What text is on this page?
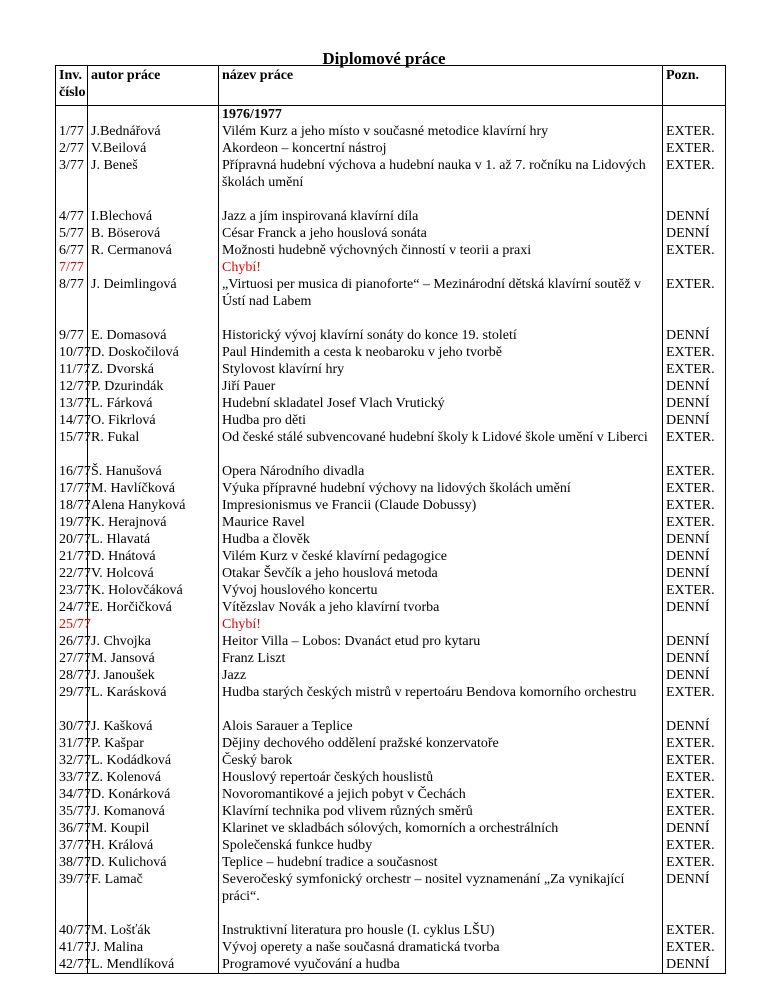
Diplomové práce
Inv. číslo	autor práce	název práce	Pozn.
		1976/1977	
1/77	J.Bednářová	Vilém Kurz a jeho místo v současné metodice klavírní hry	EXTER.
2/77	V.Beilová	Akordeon – koncertní nástroj	EXTER.
3/77	J. Beneš	Přípravná hudební výchova a hudební nauka v 1. až 7. ročníku na Lidových školách umění	EXTER.
4/77	I.Blechová	Jazz a jím inspirovaná klavírní díla	DENNÍ
5/77	B. Böserová	César Franck a jeho houslová sonáta	DENNÍ
6/77	R. Cermanová	Možnosti hudebně výchovných činností v teorii a praxi	EXTER.
7/77		Chybí!	
8/77	J. Deimlingová	„Virtuosi per musica di pianoforte“ – Mezinárodní dětská klavírní soutěž v Ústí nad Labem	EXTER.
9/77	E. Domasová	Historický vývoj klavírní sonáty do konce 19. století	DENNÍ
10/77	D. Doskočilová	Paul Hindemith a cesta k neobaroku v jeho tvorbě	EXTER.
11/77	Z. Dvorská	Stylovost klavírní hry	EXTER.
12/77	P. Dzurindák	Jiří Pauer	DENNÍ
13/77	L. Fárková	Hudební skladatel Josef Vlach Vrutický	DENNÍ
14/77	O. Fikrlová	Hudba pro děti	DENNÍ
15/77	R. Fukal	Od české stálé subvencované hudební školy k Lidové škole umění v Liberci	EXTER.
16/77	Š. Hanušová	Opera Národního divadla	EXTER.
17/77	M. Havlíčková	Výuka přípravné hudební výchovy na lidových školách umění	EXTER.
18/77	Alena Hanyková	Impresionismus ve Francii (Claude Dobussy)	EXTER.
19/77	K. Herajnová	Maurice Ravel	EXTER.
20/77	L. Hlavatá	Hudba a člověk	DENNÍ
21/77	D. Hnátová	Vilém Kurz v české klavírní pedagogice	DENNÍ
22/77	V. Holcová	Otakar Ševčík a jeho houslová metoda	DENNÍ
23/77	K. Holovčáková	Vývoj houslového koncertu	EXTER.
24/77	E. Horčičková	Vítězslav Novák a jeho klavírní tvorba	DENNÍ
25/77		Chybí!	
26/77	J. Chvojka	Heitor Villa – Lobos: Dvanáct etud pro kytaru	DENNÍ
27/77	M. Jansová	Franz Liszt	DENNÍ
28/77	J. Janoušek	Jazz	DENNÍ
29/77	L. Karásková	Hudba starých českých mistrů v repertoáru Bendova komorního orchestru	EXTER.
30/77	J. Kašková	Alois Sarauer a Teplice	DENNÍ
31/77	P. Kašpar	Dějiny dechového oddělení pražské konzervatoře	EXTER.
32/77	L. Kodádková	Český barok	EXTER.
33/77	Z. Kolenová	Houslový repertoár českých houslistů	EXTER.
34/77	D. Konárková	Novoromantikové a jejich pobyt v Čechách	EXTER.
35/77	J. Komanová	Klavírní technika pod vlivem různých směrů	EXTER.
36/77	M. Koupil	Klarinet ve skladbách sólových, komorních a orchestrálních	DENNÍ
37/77	H. Králová	Společenská funkce hudby	EXTER.
38/77	D. Kulichová	Teplice – hudební tradice a současnost	EXTER.
39/77	F. Lamač	Severočeský symfonický orchestr – nositel vyznamenání „Za vynikající práci“.	DENNÍ
40/77	M. Lošťák	Instruktivní literatura pro housle (I. cyklus LŠU)	EXTER.
41/77	J. Malina	Vývoj operety a naše současná dramatická tvorba	EXTER.
42/77	L. Mendlíková	Programové vyučování a hudba	DENNÍ
